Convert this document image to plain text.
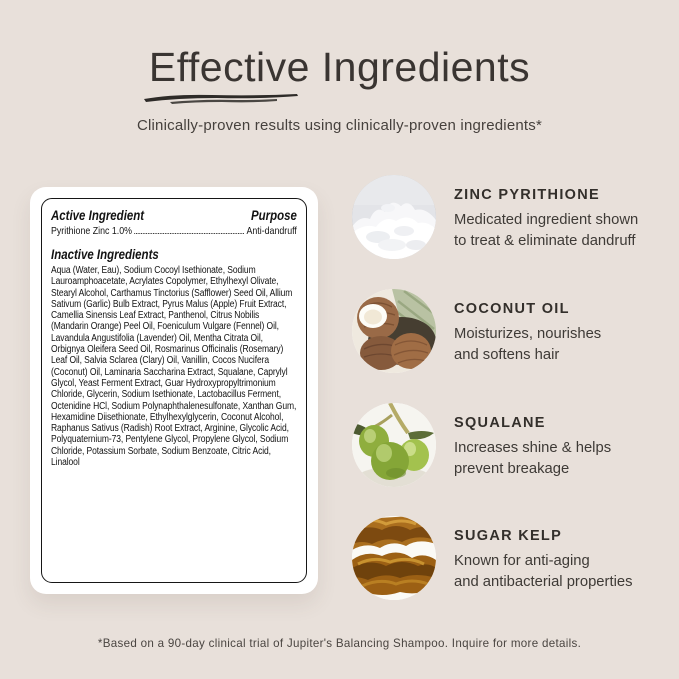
Effective Ingredients
Clinically-proven results using clinically-proven ingredients*
Active Ingredient	Purpose
Pyrithione Zinc 1.0%	Anti-dandruff
Inactive Ingredients
Aqua (Water, Eau), Sodium Cocoyl Isethionate, Sodium Lauroamphoacetate, Acrylates Copolymer, Ethylhexyl Olivate, Stearyl Alcohol, Carthamus Tinctorius (Safflower) Seed Oil, Allium Sativum (Garlic) Bulb Extract, Pyrus Malus (Apple) Fruit Extract, Camellia Sinensis Leaf Extract, Panthenol, Citrus Nobilis (Mandarin Orange) Peel Oil, Foeniculum Vulgare (Fennel) Oil, Lavandula Angustifolia (Lavender) Oil, Mentha Citrata Oil, Orbignya Oleifera Seed Oil, Rosmarinus Officinalis (Rosemary) Leaf Oil, Salvia Sclarea (Clary) Oil, Vanillin, Cocos Nucifera (Coconut) Oil, Laminaria Saccharina Extract, Squalane, Caprylyl Glycol, Yeast Ferment Extract, Guar Hydroxypropyltrimonium Chloride, Glycerin, Sodium Isethionate, Lactobacillus Ferment, Octenidine HCl, Sodium Polynaphthalenesulfonate, Xanthan Gum, Hexamidine Diisethionate, Ethylhexylglycerin, Coconut Alcohol, Raphanus Sativus (Radish) Root Extract, Arginine, Glycolic Acid, Polyquaternium-73, Pentylene Glycol, Propylene Glycol, Sodium Chloride, Potassium Sorbate, Sodium Benzoate, Citric Acid, Linalool
ZINC PYRITHIONE
Medicated ingredient shown
to treat & eliminate dandruff
COCONUT OIL
Moisturizes, nourishes
and softens hair
SQUALANE
Increases shine & helps
prevent breakage
SUGAR KELP
Known for anti-aging
and antibacterial properties
*Based on a 90-day clinical trial of Jupiter's Balancing Shampoo. Inquire for more details.
